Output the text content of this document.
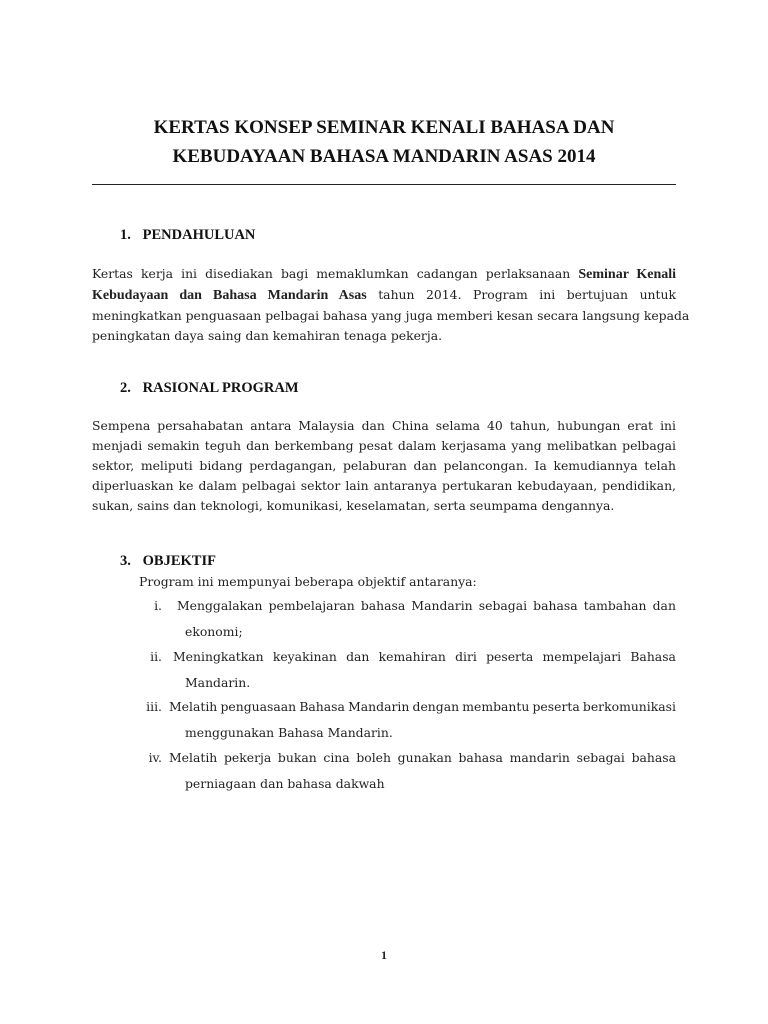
KERTAS KONSEP SEMINAR KENALI BAHASA DAN
KEBUDAYAAN BAHASA MANDARIN ASAS 2014
1. PENDAHULUAN
Kertas kerja ini disediakan bagi memaklumkan cadangan perlaksanaan Seminar Kenali
Kebudayaan dan Bahasa Mandarin Asas tahun 2014. Program ini bertujuan untuk
meningkatkan penguasaan pelbagai bahasa yang juga memberi kesan secara langsung kepada
peningkatan daya saing dan kemahiran tenaga pekerja.
2. RASIONAL PROGRAM
Sempena persahabatan antara Malaysia dan China selama 40 tahun, hubungan erat ini
menjadi semakin teguh dan berkembang pesat dalam kerjasama yang melibatkan pelbagai
sektor, meliputi bidang perdagangan, pelaburan dan pelancongan. Ia kemudiannya telah
diperluaskan ke dalam pelbagai sektor lain antaranya pertukaran kebudayaan, pendidikan,
sukan, sains dan teknologi, komunikasi, keselamatan, serta seumpama dengannya.
3. OBJEKTIF
Program ini mempunyai beberapa objektif antaranya:
i. Menggalakan pembelajaran bahasa Mandarin sebagai bahasa tambahan dan
ekonomi;
ii. Meningkatkan keyakinan dan kemahiran diri peserta mempelajari Bahasa
Mandarin.
iii. Melatih penguasaan Bahasa Mandarin dengan membantu peserta berkomunikasi
menggunakan Bahasa Mandarin.
iv. Melatih pekerja bukan cina boleh gunakan bahasa mandarin sebagai bahasa
perniagaan dan bahasa dakwah
1
